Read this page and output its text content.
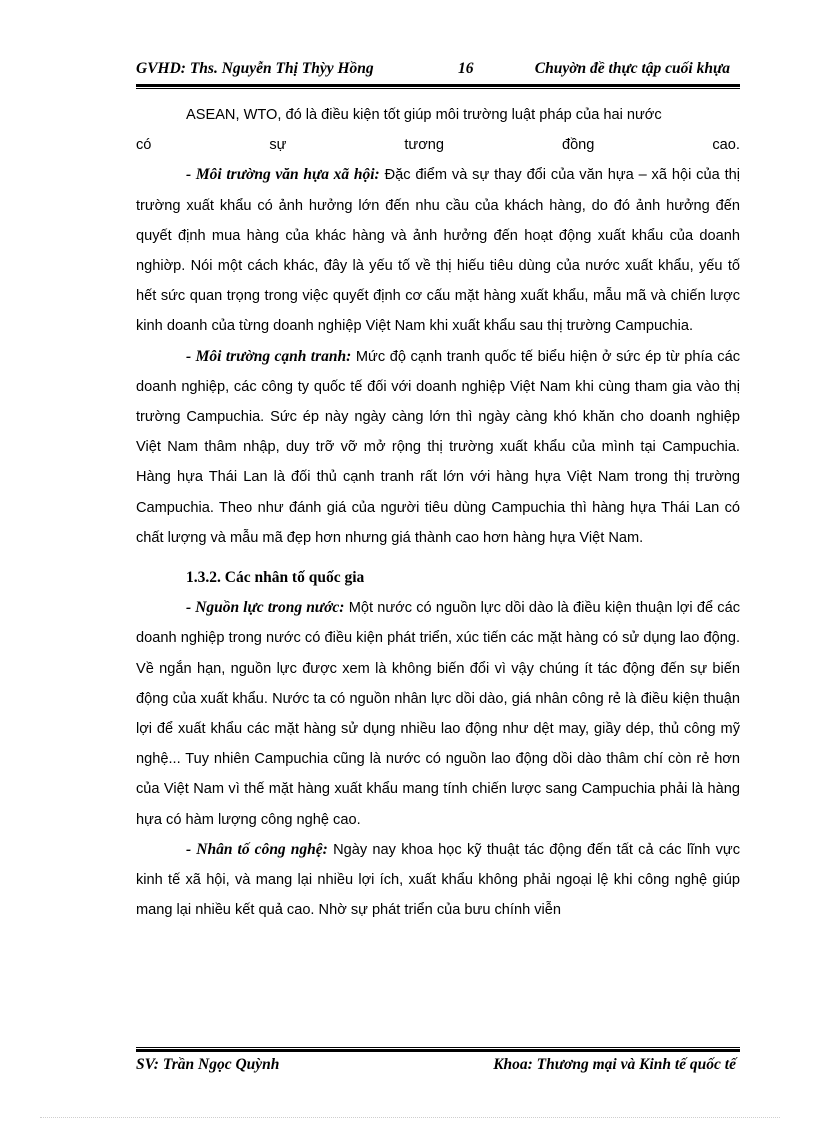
GVHD: Ths. Nguyễn Thị Thỳy Hồng	16	Chuyờn đề thực tập cuối khựa

ASEAN, WTO, đó là điều kiện tốt giúp môi trường luật pháp của hai nước

có	sự	tương	đồng	cao.

- Môi trường văn hựa xã hội: Đặc điểm và sự thay đổi của văn hựa – xã hội của thị trường xuất khẩu có ảnh hưởng lớn đến nhu cầu của khách hàng, do đó ảnh hưởng đến quyết định mua hàng của khác hàng và ảnh hưởng đến hoạt động xuất khẩu của doanh nghiờp. Nói một cách khác, đây là yếu tố về thị hiếu tiêu dùng của nước xuất khẩu, yếu tố hết sức quan trọng trong việc quyết định cơ cấu mặt hàng xuất khẩu, mẫu mã và chiến lược kinh doanh của từng doanh nghiệp Việt Nam khi xuất khẩu sau thị trường Campuchia.

- Môi trường cạnh tranh: Mức độ cạnh tranh quốc tế biểu hiện ở sức ép từ phía các doanh nghiệp, các công ty quốc tế đối với doanh nghiệp Việt Nam khi cùng tham gia vào thị trường Campuchia. Sức ép này ngày càng lớn thì ngày càng khó khăn cho doanh nghiệp Việt Nam thâm nhập, duy trỡ vỡ mở rộng thị trường xuất khẩu của mình tại Campuchia. Hàng hựa Thái Lan là đối thủ cạnh tranh rất lớn với hàng hựa Việt Nam trong thị trường Campuchia. Theo như đánh giá của người tiêu dùng Campuchia thì hàng hựa Thái Lan có chất lượng và mẫu mã đẹp hơn nhưng giá thành cao hơn hàng hựa Việt Nam.

1.3.2. Các nhân tố quốc gia

- Nguồn lực trong nước: Một nước có nguồn lực dồi dào là điều kiện thuận lợi để các doanh nghiệp trong nước có điều kiện phát triển, xúc tiến các mặt hàng có sử dụng lao động. Về ngắn hạn, nguồn lực được xem là không biến đổi vì vậy chúng ít tác động đến sự biến động của xuất khẩu. Nước ta có nguồn nhân lực dồi dào, giá nhân công rẻ là điều kiện thuận lợi để xuất khẩu các mặt hàng sử dụng nhiều lao động như dệt may, giầy dép, thủ công mỹ nghệ... Tuy nhiên Campuchia cũng là nước có nguồn lao động dồi dào thâm chí còn rẻ hơn của Việt Nam vì thế mặt hàng xuất khẩu mang tính chiến lược sang Campuchia phải là hàng hựa có hàm lượng công nghệ cao.

- Nhân tố công nghệ: Ngày nay khoa học kỹ thuật tác động đến tất cả các lĩnh vực kinh tế xã hội, và mang lại nhiều lợi ích, xuất khẩu không phải ngoại lệ khi công nghệ giúp mang lại nhiều kết quả cao. Nhờ sự phát triển của bưu chính viễn

SV: Trần Ngọc Quỳnh	Khoa: Thương mại và Kinh tế quốc tế
